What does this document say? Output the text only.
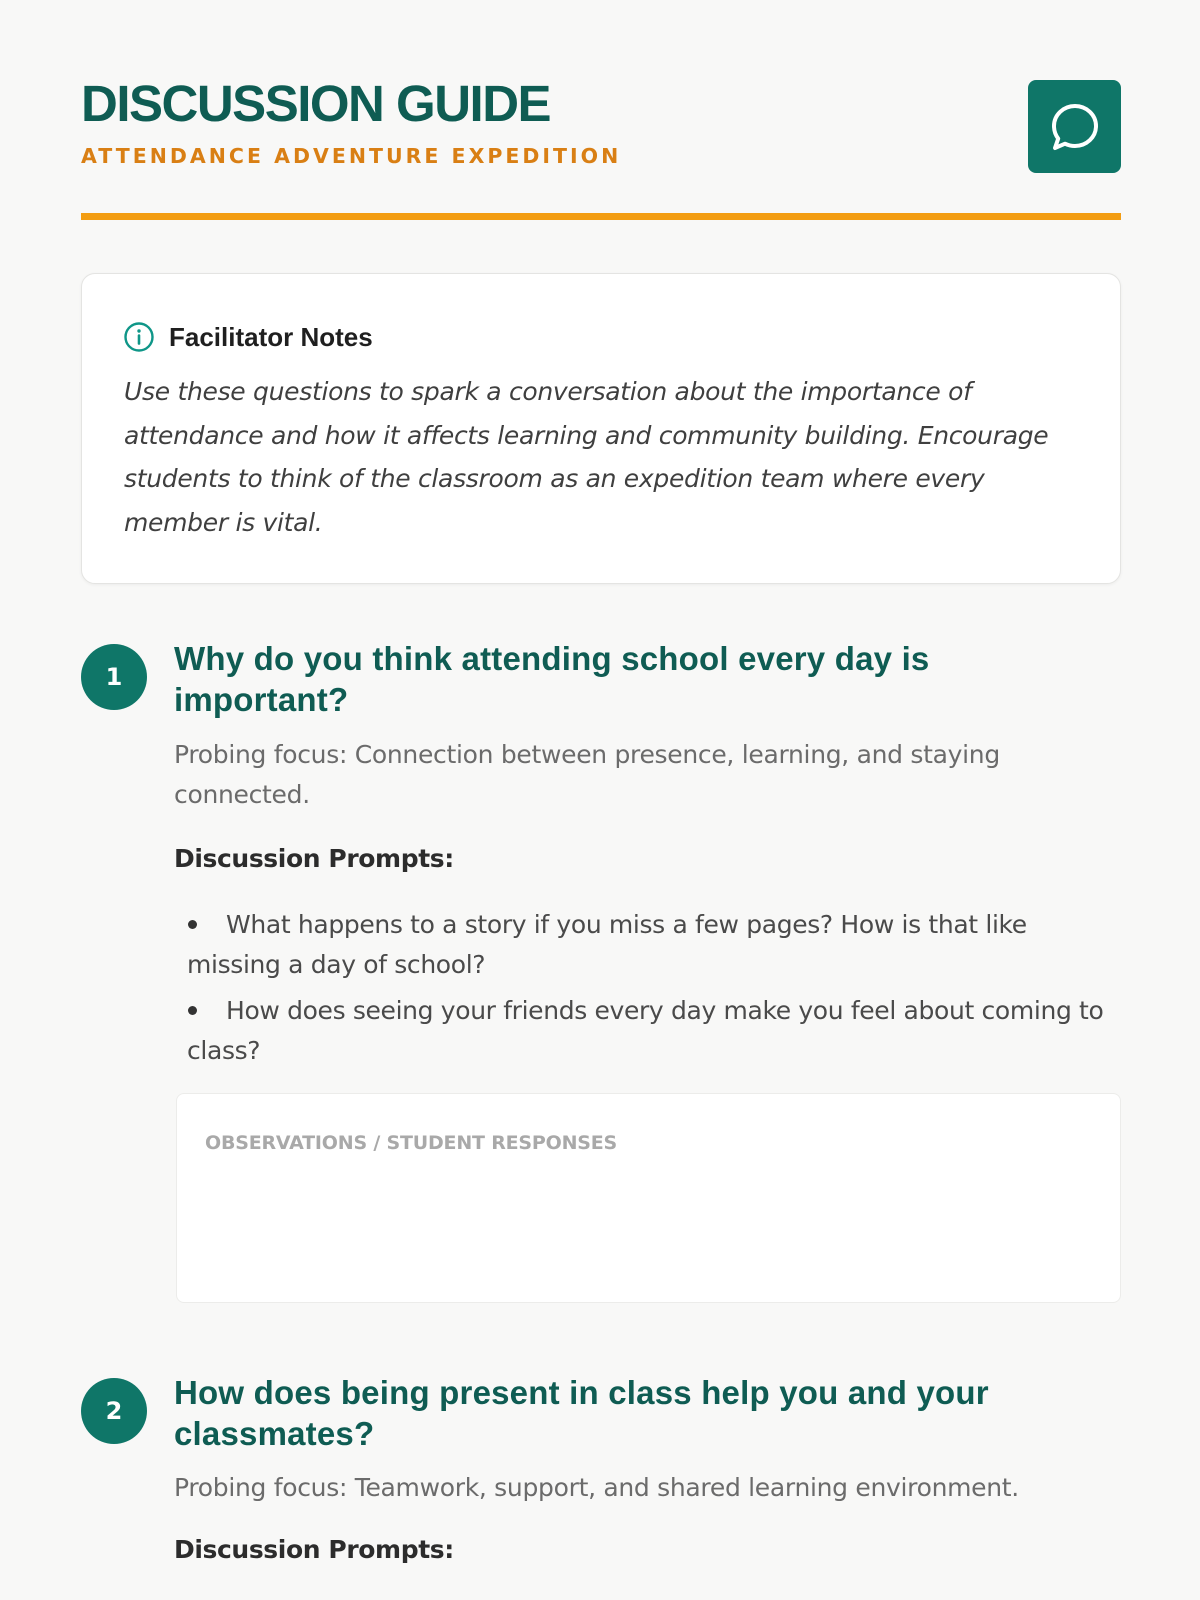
DISCUSSION GUIDE
ATTENDANCE ADVENTURE EXPEDITION
Facilitator Notes

Use these questions to spark a conversation about the importance of attendance and how it affects learning and community building. Encourage students to think of the classroom as an expedition team where every member is vital.

1	Why do you think attending school every day is important?

Probing focus: Connection between presence, learning, and staying connected.

Discussion Prompts:

What happens to a story if you miss a few pages? How is that like missing a day of school?
How does seeing your friends every day make you feel about coming to class?
OBSERVATIONS / STUDENT RESPONSES
2	How does being present in class help you and your classmates?

Probing focus: Teamwork, support, and shared learning environment.

Discussion Prompts:
